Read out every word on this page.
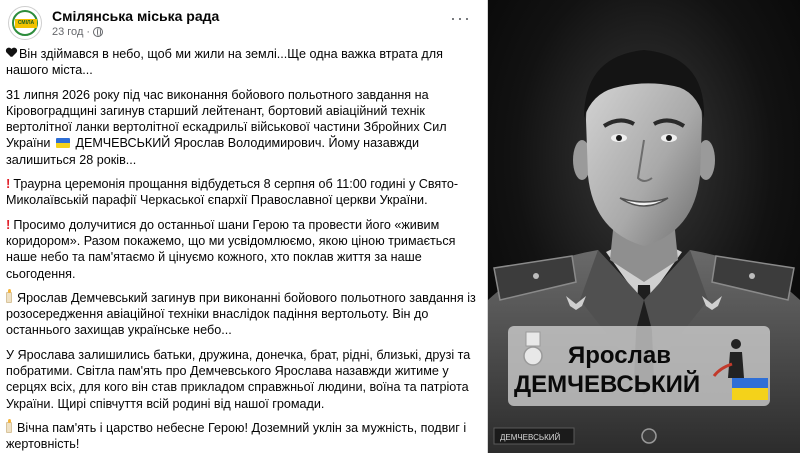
СМІЛА Смілянська міська рада
23 год ·
···

Він здіймався в небо, щоб ми жили на землі...Ще одна важка втрата для нашого міста...

31 липня 2026 року під час виконання бойового польотного завдання на Кіровоградщині загинув старший лейтенант, бортовий авіаційний технік вертолітної ланки вертолітної ескадрильї військової частини Збройних Сил України ДЕМЧЕВСЬКИЙ Ярослав Володимирович. Йому назавжди залишиться 28 років...

! Траурна церемонія прощання відбудеться 8 серпня об 11:00 годині у Свято-Миколаївській парафії Черкаської єпархії Православної церкви України.

! Просимо долучитися до останньої шани Герою та провести його «живим коридором». Разом покажемо, що ми усвідомлюємо, якою ціною тримається наше небо та пам'ятаємо й цінуємо кожного, хто поклав життя за наше сьогодення.

Ярослав Демчевський загинув при виконанні бойового польотного завдання із розосередження авіаційної техніки внаслідок падіння вертольоту. Він до останнього захищав українське небо...

У Ярослава залишились батьки, дружина, донечка, брат, рідні, близькі, друзі та побратими. Світла пам'ять про Демчевського Ярослава назавжди житиме у серцях всіх, для кого він став прикладом справжньої людини, воїна та патріота України. Щирі співчуття всій родині від нашої громади.

Вічна пам'ять і царство небесне Герою! Доземний уклін за мужність, подвиг і жертовність!

Ярослав
ДЕМЧЕВСЬКИЙ
ДЕМЧЕВСЬКИЙ
